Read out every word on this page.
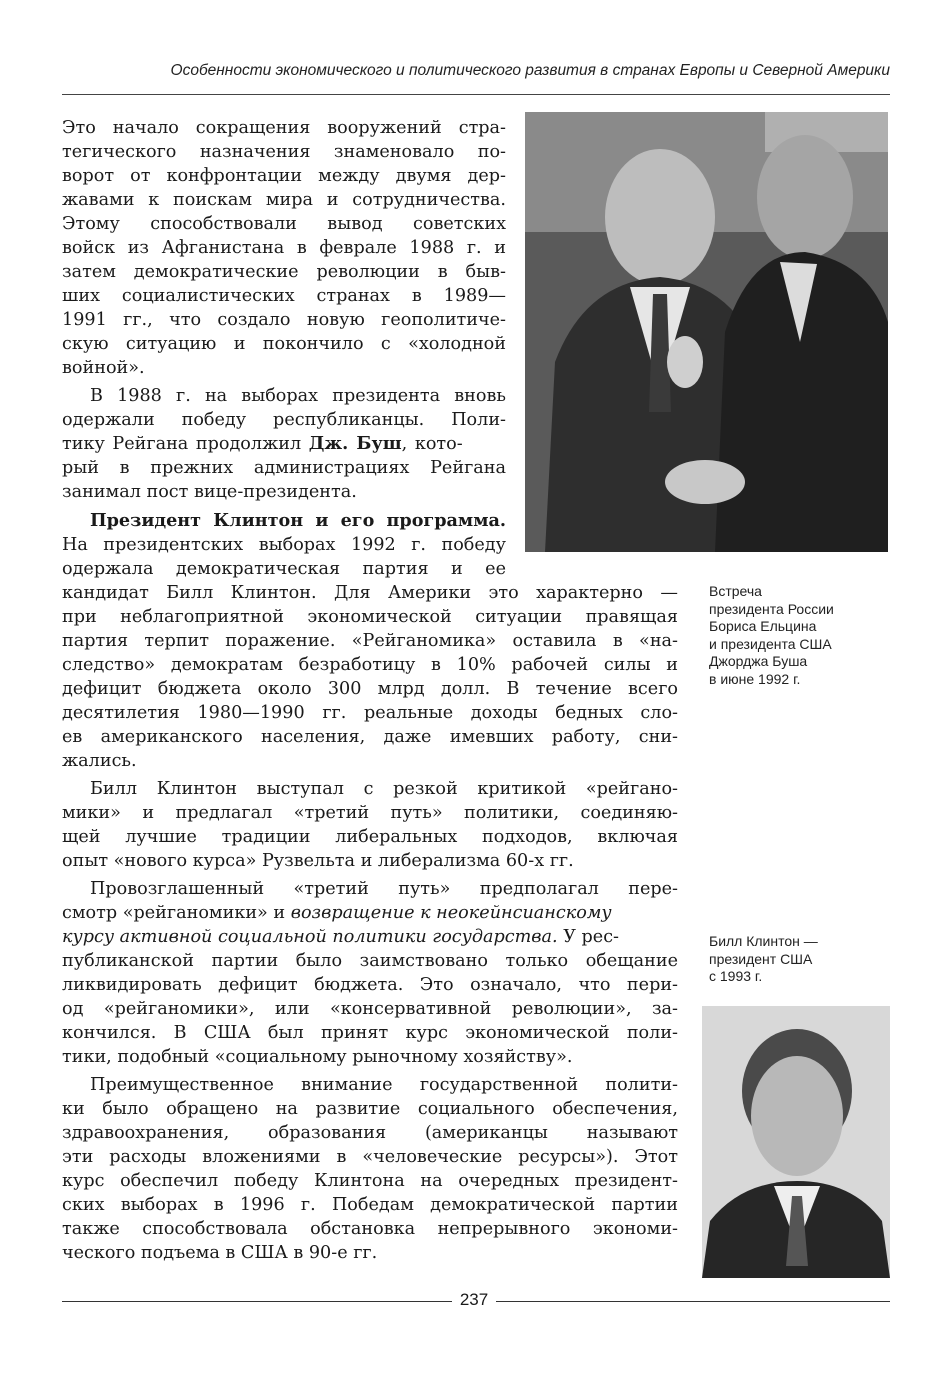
Особенности экономического и политического развития в странах Европы и Северной Америки
Встреча
президента России
Бориса Ельцина
и президента США
Джорджа Буша
в июне 1992 г.
Билл Клинтон —
президент США
с 1993 г.
Это начало сокращения вооружений стра-
тегического назначения знаменовало по-
ворот от конфронтации между двумя дер-
жавами к поискам мира и сотрудничества.
Этому способствовали вывод советских
войск из Афганистана в феврале 1988 г. и
затем демократические революции в быв-
ших социалистических странах в 1989—
1991 гг., что создало новую геополитиче-
скую ситуацию и покончило с «холодной
войной».
В 1988 г. на выборах президента вновь
одержали победу республиканцы. Поли-
тику Рейгана продолжил Дж. Буш, кото-
рый в прежних администрациях Рейгана
занимал пост вице-президента.
Президент Клинтон и его программа.
На президентских выборах 1992 г. победу
одержала демократическая партия и ее
кандидат Билл Клинтон. Для Америки это характерно —
при неблагоприятной экономической ситуации правящая
партия терпит поражение. «Рейганомика» оставила в «на-
следство» демократам безработицу в 10% рабочей силы и
дефицит бюджета около 300 млрд долл. В течение всего
десятилетия 1980—1990 гг. реальные доходы бедных сло-
ев американского населения, даже имевших работу, сни-
жались.
Билл Клинтон выступал с резкой критикой «рейгано-
мики» и предлагал «третий путь» политики, соединяю-
щей лучшие традиции либеральных подходов, включая
опыт «нового курса» Рузвельта и либерализма 60-х гг.
Провозглашенный «третий путь» предполагал пере-
смотр «рейганомики» и возвращение к неокейнсианскому
курсу активной социальной политики государства. У рес-
публиканской партии было заимствовано только обещание
ликвидировать дефицит бюджета. Это означало, что пери-
од «рейганомики», или «консервативной революции», за-
кончился. В США был принят курс экономической поли-
тики, подобный «социальному рыночному хозяйству».
Преимущественное внимание государственной полити-
ки было обращено на развитие социального обеспечения,
здравоохранения, образования (американцы называют
эти расходы вложениями в «человеческие ресурсы»). Этот
курс обеспечил победу Клинтона на очередных президент-
ских выборах в 1996 г. Победам демократической партии
также способствовала обстановка непрерывного экономи-
ческого подъема в США в 90-е гг.
237
